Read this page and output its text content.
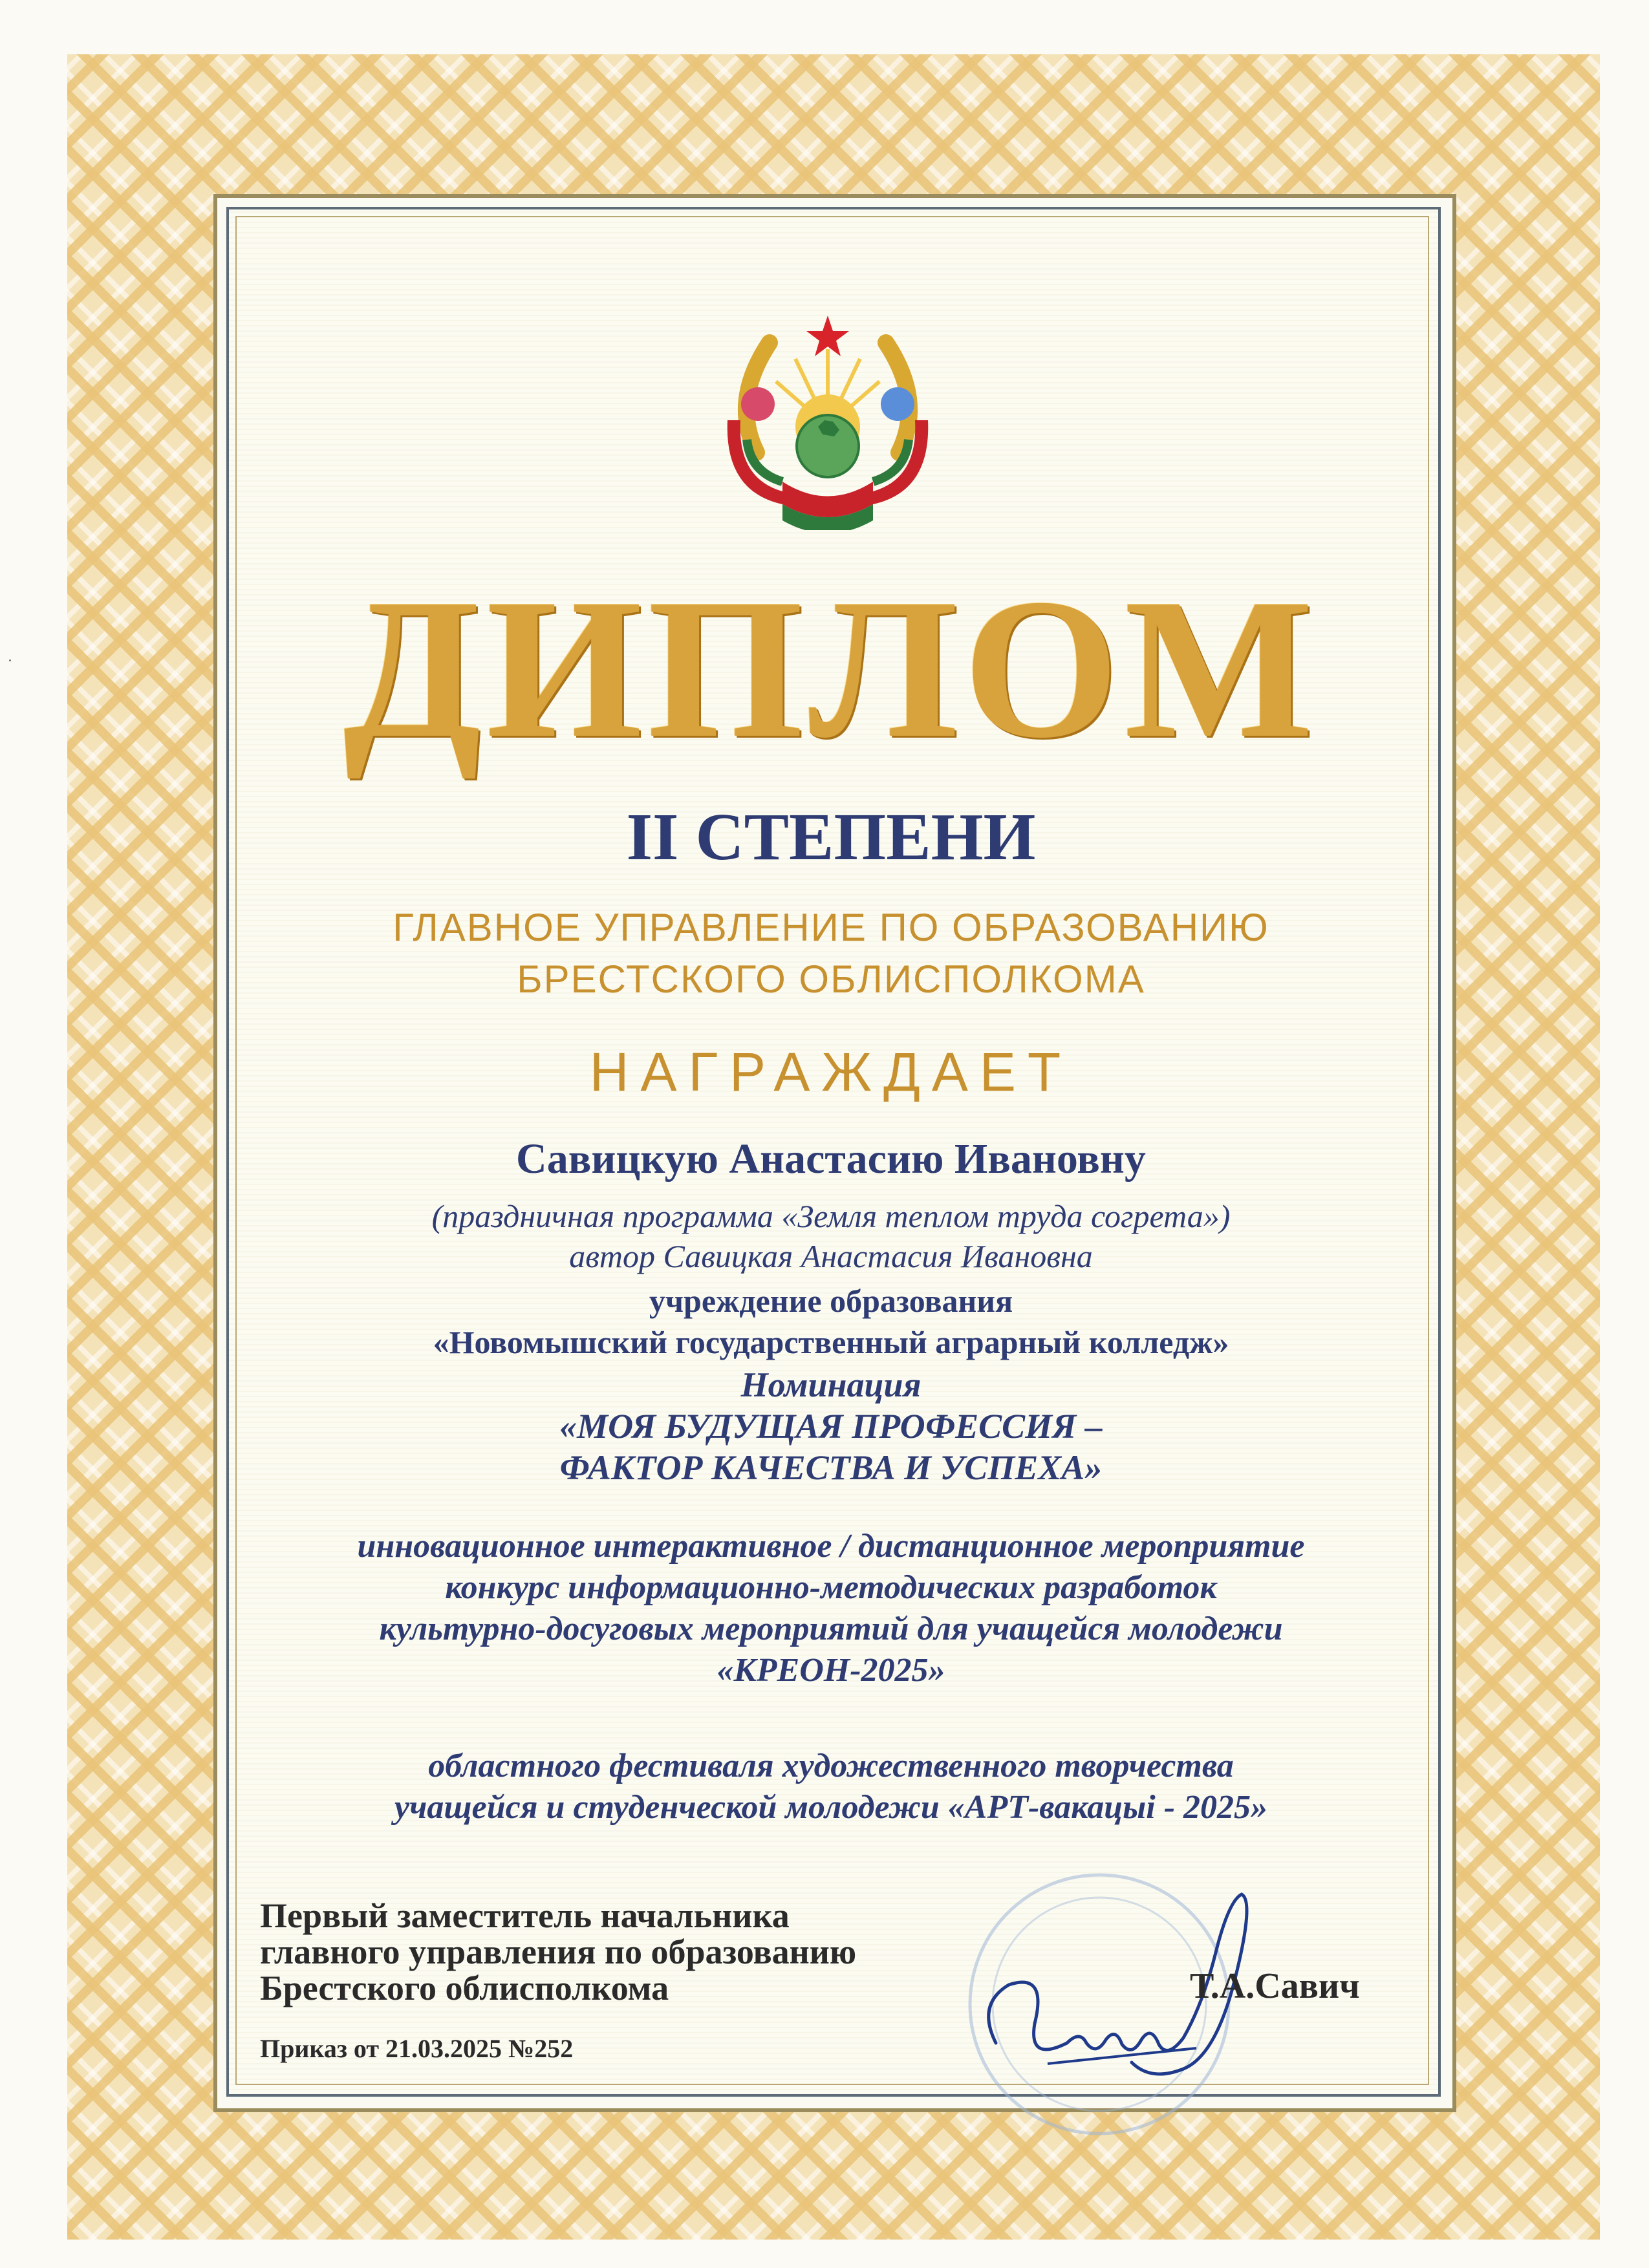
ДИПЛОМ
II СТЕПЕНИ
ГЛАВНОЕ УПРАВЛЕНИЕ ПО ОБРАЗОВАНИЮ
БРЕСТСКОГО ОБЛИСПОЛКОМА
НАГРАЖДАЕТ
Савицкую Анастасию Ивановну
(праздничная программа «Земля теплом труда согрета»)
автор Савицкая Анастасия Ивановна
учреждение образования
«Новомышский государственный аграрный колледж»
Номинация
«МОЯ БУДУЩАЯ ПРОФЕССИЯ –
ФАКТОР КАЧЕСТВА И УСПЕХА»
инновационное интерактивное / дистанционное мероприятие
конкурс информационно-методических разработок
культурно-досуговых мероприятий для учащейся молодежи
«КРЕОН-2025»
областного фестиваля художественного творчества
учащейся и студенческой молодежи «АРТ-вакацыі - 2025»
Первый заместитель начальника
главного управления по образованию
Брестского облисполкома	Т.А.Савич
Приказ от 21.03.2025 №252
